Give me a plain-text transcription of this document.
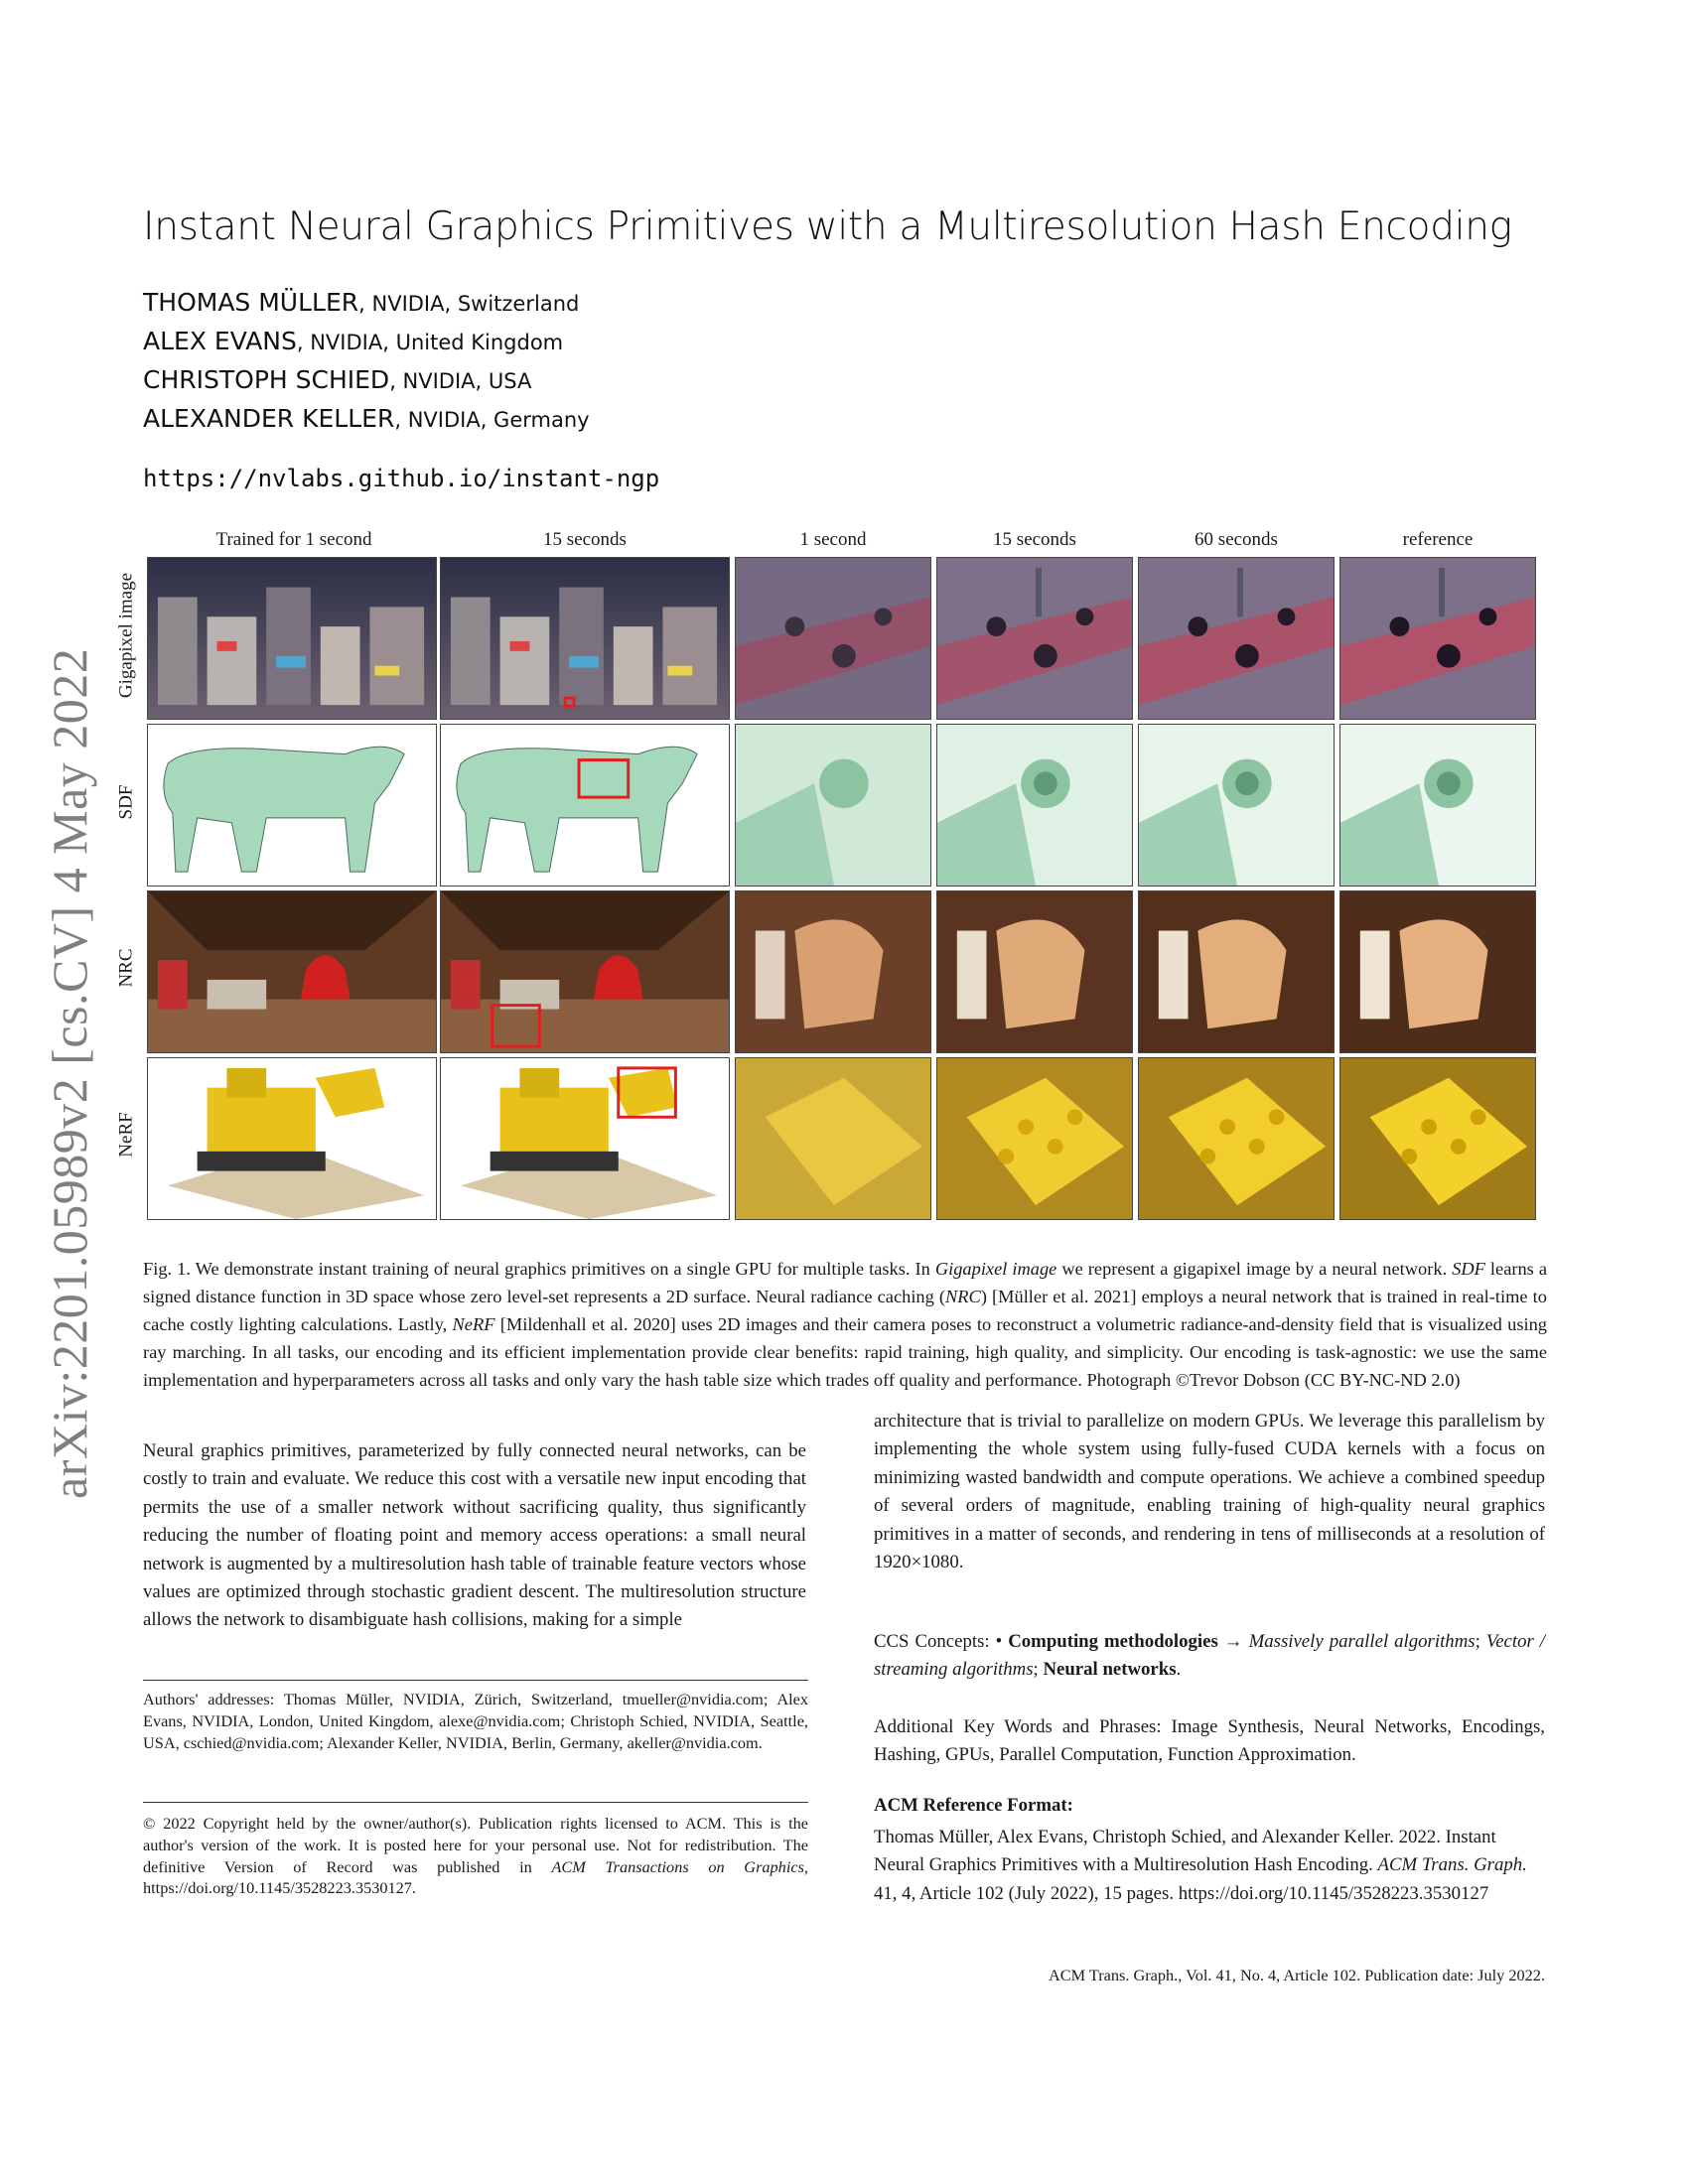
arXiv:2201.05989v2 [cs.CV] 4 May 2022
Instant Neural Graphics Primitives with a Multiresolution Hash Encoding
THOMAS MÜLLER, NVIDIA, Switzerland
ALEX EVANS, NVIDIA, United Kingdom
CHRISTOPH SCHIED, NVIDIA, USA
ALEXANDER KELLER, NVIDIA, Germany
https://nvlabs.github.io/instant-ngp
Trained for 1 second	15 seconds	1 second	15 seconds	60 seconds	reference
Gigapixel image
SDF
NRC
NeRF
Fig. 1. We demonstrate instant training of neural graphics primitives on a single GPU for multiple tasks. In Gigapixel image we represent a gigapixel image by a neural network. SDF learns a signed distance function in 3D space whose zero level-set represents a 2D surface. Neural radiance caching (NRC) [Müller et al. 2021] employs a neural network that is trained in real-time to cache costly lighting calculations. Lastly, NeRF [Mildenhall et al. 2020] uses 2D images and their camera poses to reconstruct a volumetric radiance-and-density field that is visualized using ray marching. In all tasks, our encoding and its efficient implementation provide clear benefits: rapid training, high quality, and simplicity. Our encoding is task-agnostic: we use the same implementation and hyperparameters across all tasks and only vary the hash table size which trades off quality and performance. Photograph ©Trevor Dobson (CC BY-NC-ND 2.0)
Neural graphics primitives, parameterized by fully connected neural networks, can be costly to train and evaluate. We reduce this cost with a versatile new input encoding that permits the use of a smaller network without sacrificing quality, thus significantly reducing the number of floating point and memory access operations: a small neural network is augmented by a multiresolution hash table of trainable feature vectors whose values are optimized through stochastic gradient descent. The multiresolution structure allows the network to disambiguate hash collisions, making for a simple
architecture that is trivial to parallelize on modern GPUs. We leverage this parallelism by implementing the whole system using fully-fused CUDA kernels with a focus on minimizing wasted bandwidth and compute operations. We achieve a combined speedup of several orders of magnitude, enabling training of high-quality neural graphics primitives in a matter of seconds, and rendering in tens of milliseconds at a resolution of 1920×1080.
CCS Concepts: • Computing methodologies → Massively parallel algorithms; Vector / streaming algorithms; Neural networks.
Additional Key Words and Phrases: Image Synthesis, Neural Networks, Encodings, Hashing, GPUs, Parallel Computation, Function Approximation.
ACM Reference Format:
Thomas Müller, Alex Evans, Christoph Schied, and Alexander Keller. 2022. Instant Neural Graphics Primitives with a Multiresolution Hash Encoding. ACM Trans. Graph. 41, 4, Article 102 (July 2022), 15 pages. https://doi.org/10.1145/3528223.3530127
Authors' addresses: Thomas Müller, NVIDIA, Zürich, Switzerland, tmueller@nvidia.com; Alex Evans, NVIDIA, London, United Kingdom, alexe@nvidia.com; Christoph Schied, NVIDIA, Seattle, USA, cschied@nvidia.com; Alexander Keller, NVIDIA, Berlin, Germany, akeller@nvidia.com.
© 2022 Copyright held by the owner/author(s). Publication rights licensed to ACM. This is the author's version of the work. It is posted here for your personal use. Not for redistribution. The definitive Version of Record was published in ACM Transactions on Graphics, https://doi.org/10.1145/3528223.3530127.
ACM Trans. Graph., Vol. 41, No. 4, Article 102. Publication date: July 2022.
